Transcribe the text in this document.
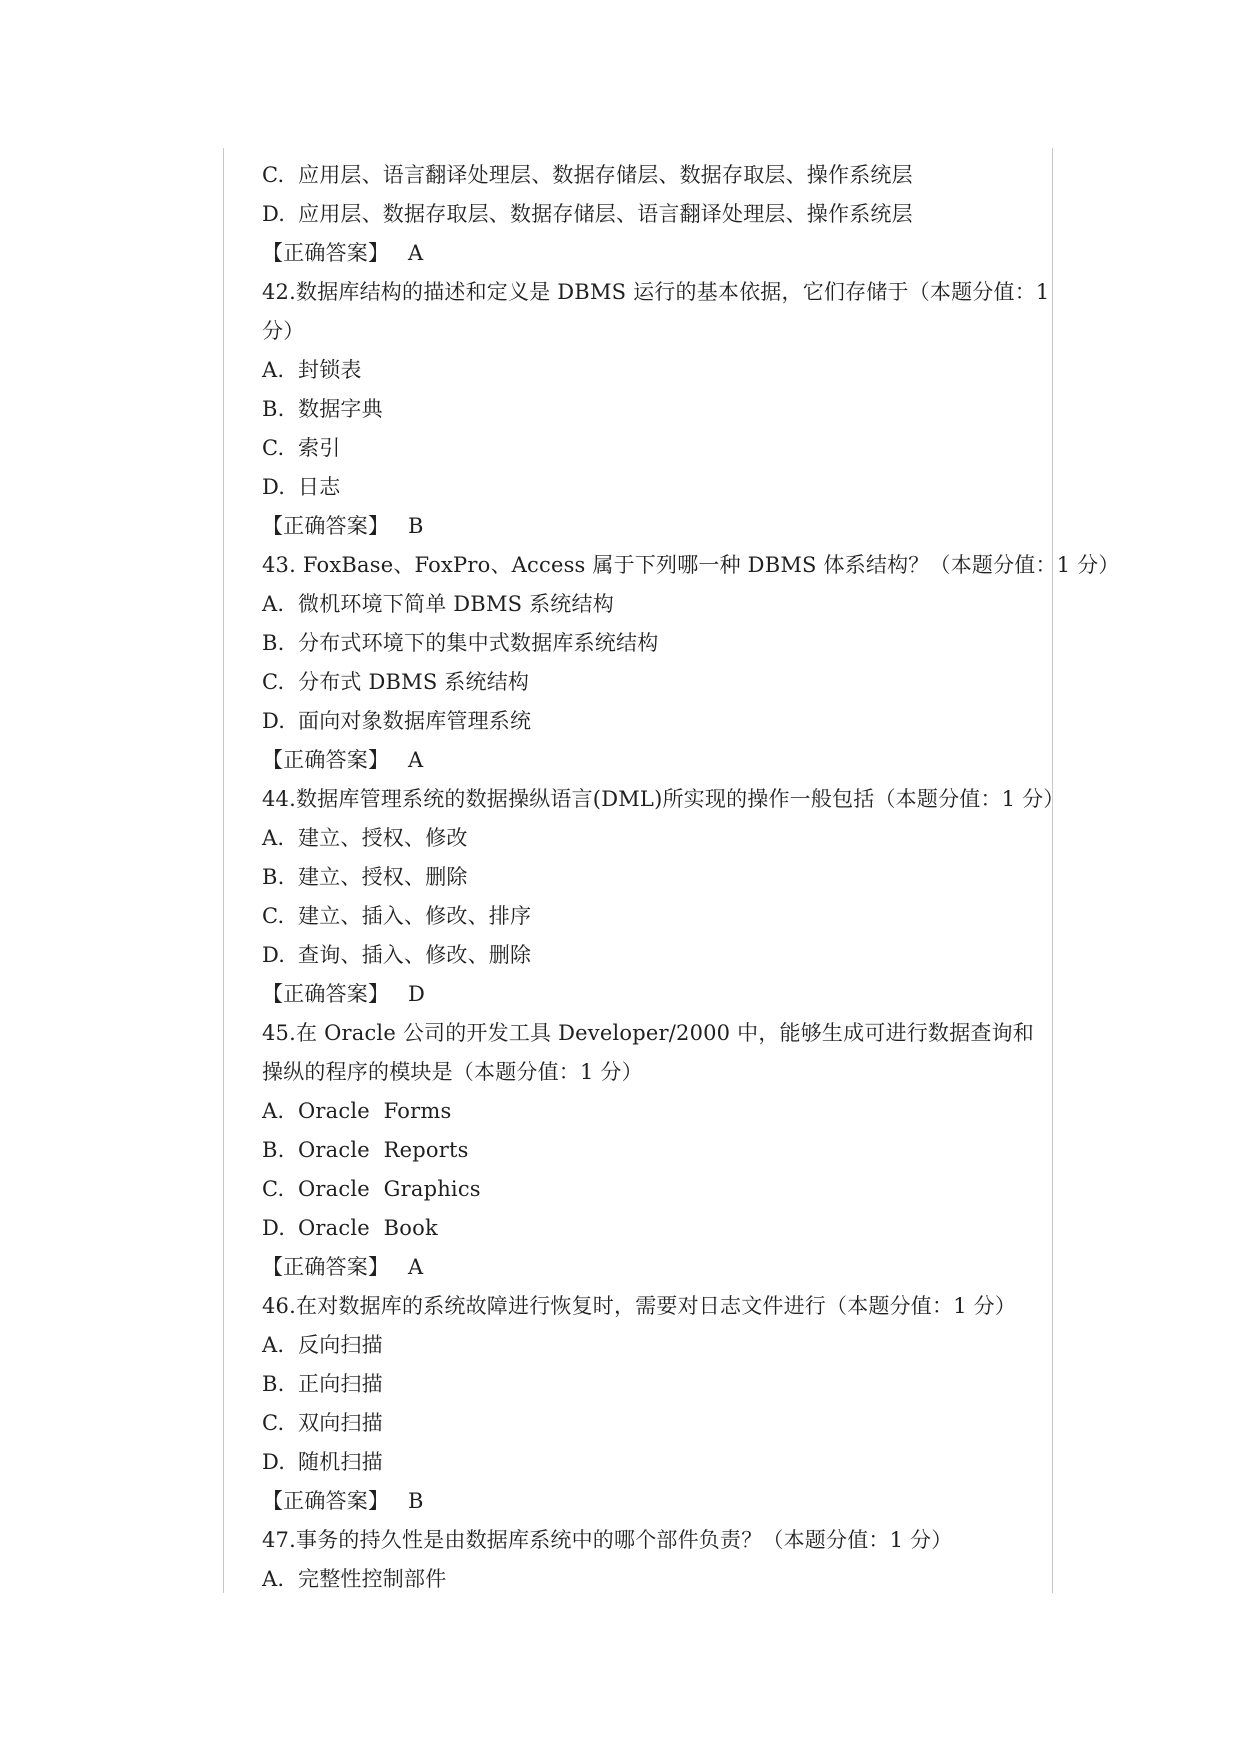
C. 应用层、语言翻译处理层、数据存储层、数据存取层、操作系统层
D. 应用层、数据存取层、数据存储层、语言翻译处理层、操作系统层
【正确答案】 A
42.数据库结构的描述和定义是 DBMS 运行的基本依据，它们存储于（本题分值：1 分）
A. 封锁表
B. 数据字典
C. 索引
D. 日志
【正确答案】 B
43. FoxBase、FoxPro、Access 属于下列哪一种 DBMS 体系结构？（本题分值：1 分）
A. 微机环境下简单 DBMS 系统结构
B. 分布式环境下的集中式数据库系统结构
C. 分布式 DBMS 系统结构
D. 面向对象数据库管理系统
【正确答案】 A
44.数据库管理系统的数据操纵语言(DML)所实现的操作一般包括（本题分值：1 分）
A. 建立、授权、修改
B. 建立、授权、删除
C. 建立、插入、修改、排序
D. 查询、插入、修改、删除
【正确答案】 D
45.在 Oracle 公司的开发工具 Developer/2000 中，能够生成可进行数据查询和操纵的程序的模块是（本题分值：1 分）
A. Oracle  Forms
B. Oracle  Reports
C. Oracle  Graphics
D. Oracle  Book
【正确答案】 A
46.在对数据库的系统故障进行恢复时，需要对日志文件进行（本题分值：1 分）
A. 反向扫描
B. 正向扫描
C. 双向扫描
D. 随机扫描
【正确答案】 B
47.事务的持久性是由数据库系统中的哪个部件负责？（本题分值：1 分）
A. 完整性控制部件
